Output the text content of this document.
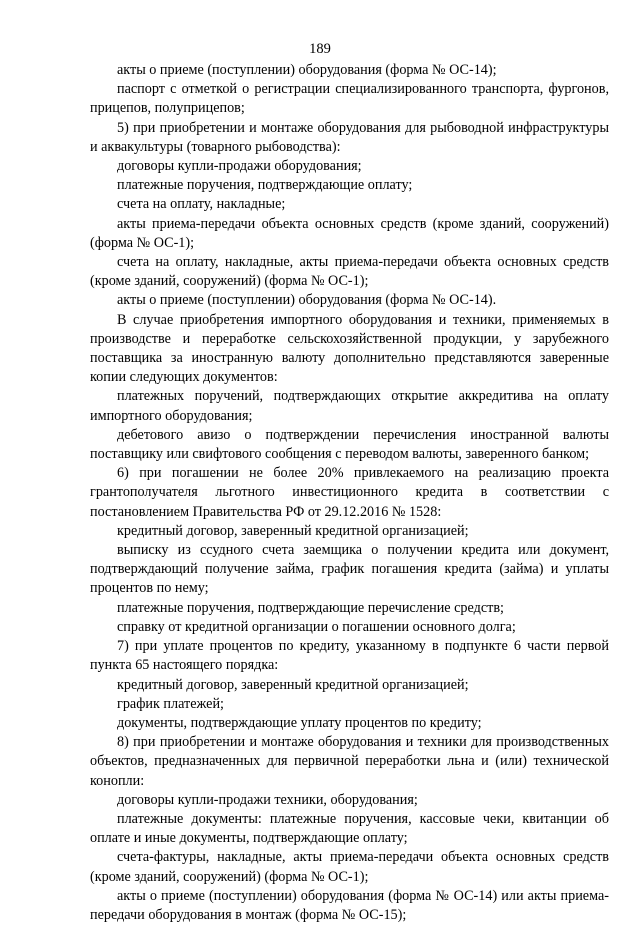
189

акты о приеме (поступлении) оборудования (форма № ОС-14);

паспорт с отметкой о регистрации специализированного транспорта, фургонов, прицепов, полуприцепов;

5) при приобретении и монтаже оборудования для рыбоводной инфраструктуры и аквакультуры (товарного рыбоводства):

договоры купли-продажи оборудования;

платежные поручения, подтверждающие оплату;

счета на оплату, накладные;

акты приема-передачи объекта основных средств (кроме зданий, сооружений) (форма № ОС-1);

счета на оплату, накладные, акты приема-передачи объекта основных средств (кроме зданий, сооружений) (форма № ОС-1);

акты о приеме (поступлении) оборудования (форма № ОС-14).

В случае приобретения импортного оборудования и техники, применяемых в производстве и переработке сельскохозяйственной продукции, у зарубежного поставщика за иностранную валюту дополнительно представляются заверенные копии следующих документов:

платежных поручений, подтверждающих открытие аккредитива на оплату импортного оборудования;

дебетового авизо о подтверждении перечисления иностранной валюты поставщику или свифтового сообщения с переводом валюты, заверенного банком;

6) при погашении не более 20% привлекаемого на реализацию проекта грантополучателя льготного инвестиционного кредита в соответствии с постановлением Правительства РФ от 29.12.2016 № 1528:

кредитный договор, заверенный кредитной организацией;

выписку из ссудного счета заемщика о получении кредита или документ, подтверждающий получение займа, график погашения кредита (займа) и уплаты процентов по нему;

платежные поручения, подтверждающие перечисление средств;

справку от кредитной организации о погашении основного долга;

7) при уплате процентов по кредиту, указанному в подпункте 6 части первой пункта 65 настоящего порядка:

кредитный договор, заверенный кредитной организацией;

график платежей;

документы, подтверждающие уплату процентов по кредиту;

8) при приобретении и монтаже оборудования и техники для производственных объектов, предназначенных для первичной переработки льна и (или) технической конопли:

договоры купли-продажи техники, оборудования;

платежные документы: платежные поручения, кассовые чеки, квитанции об оплате и иные документы, подтверждающие оплату;

счета-фактуры, накладные, акты приема-передачи объекта основных средств (кроме зданий, сооружений) (форма № ОС-1);

акты о приеме (поступлении) оборудования (форма № ОС-14) или акты приема-передачи оборудования в монтаж (форма № ОС-15);
